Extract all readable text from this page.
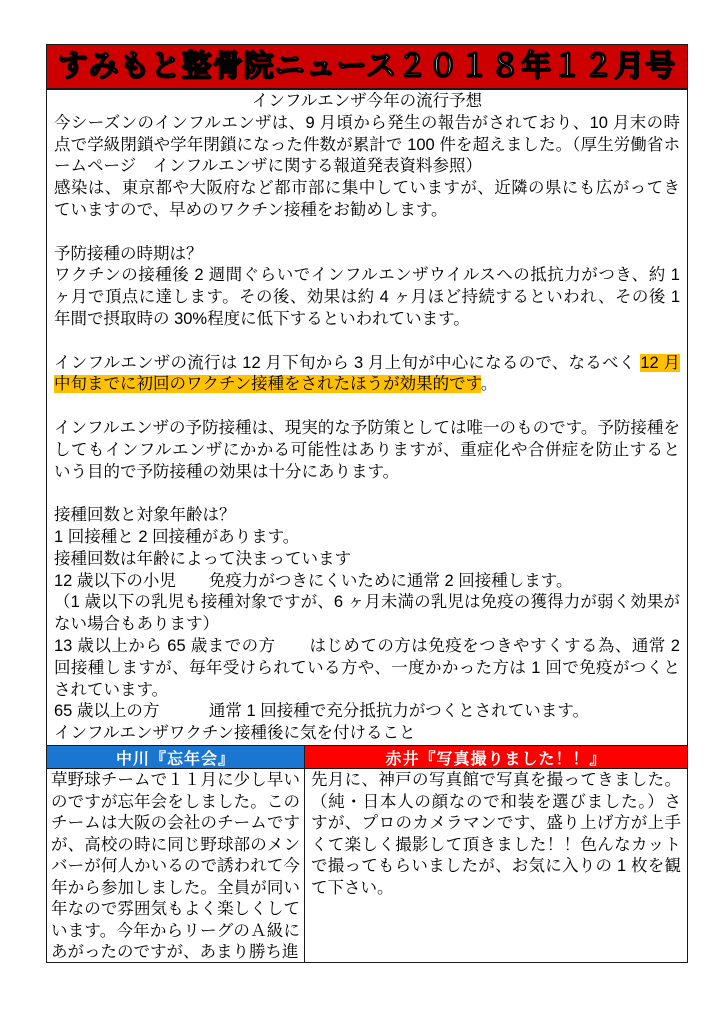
すみもと整骨院ニュース２０１８年１２月号

インフルエンザ今年の流行予想

今シーズンのインフルエンザは、9 月頃から発生の報告がされており、10 月末の時点で学級閉鎖や学年閉鎖になった件数が累計で 100 件を超えました。（厚生労働省ホームページ　インフルエンザに関する報道発表資料参照）

感染は、東京都や大阪府など都市部に集中していますが、近隣の県にも広がってきていますので、早めのワクチン接種をお勧めします。

予防接種の時期は？

ワクチンの接種後 2 週間ぐらいでインフルエンザウイルスへの抵抗力がつき、約 1 ヶ月で頂点に達します。その後、効果は約 4 ヶ月ほど持続するといわれ、その後 1 年間で摂取時の 30%程度に低下するといわれています。

インフルエンザの流行は 12 月下旬から 3 月上旬が中心になるので、なるべく 12 月中旬までに初回のワクチン接種をされたほうが効果的です。

インフルエンザの予防接種は、現実的な予防策としては唯一のものです。予防接種をしてもインフルエンザにかかる可能性はありますが、重症化や合併症を防止するという目的で予防接種の効果は十分にあります。

接種回数と対象年齢は？

1 回接種と 2 回接種があります。

接種回数は年齢によって決まっています

12 歳以下の小児　　免疫力がつきにくいために通常 2 回接種します。

（1 歳以下の乳児も接種対象ですが、6 ヶ月未満の乳児は免疫の獲得力が弱く効果がない場合もあります）

13 歳以上から 65 歳までの方　　はじめての方は免疫をつきやすくする為、通常 2 回接種しますが、毎年受けられている方や、一度かかった方は 1 回で免疫がつくとされています。

65 歳以上の方　　　通常 1 回接種で充分抵抗力がつくとされています。

インフルエンザワクチン接種後に気を付けること

中川『忘年会』
草野球チームで１１月に少し早いのですが忘年会をしました。このチームは大阪の会社のチームですが、高校の時に同じ野球部のメンバーが何人かいるので誘われて今年から参加しました。全員が同い年なので雰囲気もよく楽しくしています。今年からリーグのＡ級にあがったのですが、あまり勝ち進
赤井『写真撮りました！！』
先月に、神戸の写真館で写真を撮ってきました。（純・日本人の顔なので和装を選びました。）さすが、プロのカメラマンです、盛り上げ方が上手くて楽しく撮影して頂きました！！色んなカットで撮ってもらいましたが、お気に入りの 1 枚を観て下さい。
